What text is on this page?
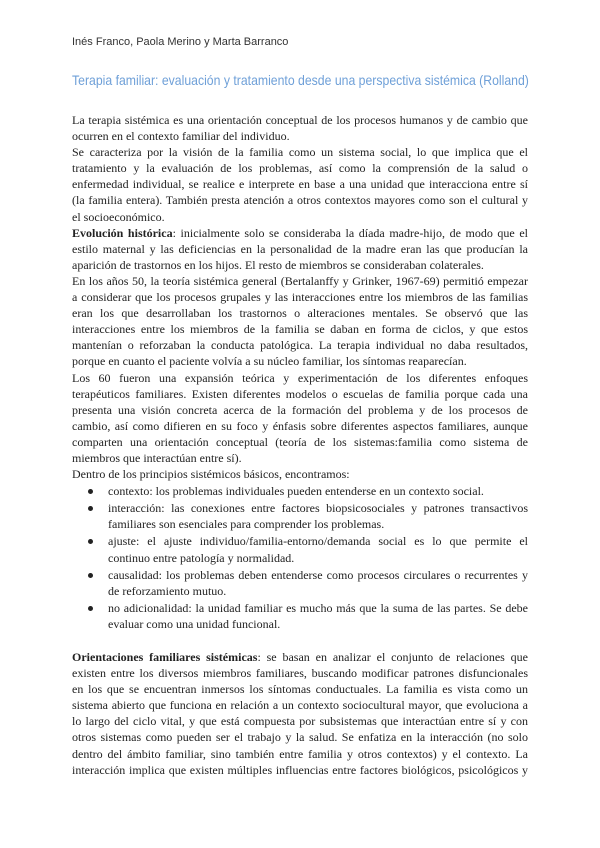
Inés Franco, Paola Merino y Marta Barranco
Terapia familiar: evaluación y tratamiento desde una perspectiva sistémica (Rolland)
La terapia sistémica es una orientación conceptual de los procesos humanos y de cambio que
ocurren en el contexto familiar del individuo.
Se caracteriza por la visión de la familia como un sistema social, lo que implica que el
tratamiento y la evaluación de los problemas, así como la comprensión de la salud o
enfermedad individual, se realice e interprete en base a una unidad que interacciona entre sí
(la familia entera). También presta atención a otros contextos mayores como son el cultural y
el socioeconómico.
Evolución histórica: inicialmente solo se consideraba la díada madre-hijo, de modo que el
estilo maternal y las deficiencias en la personalidad de la madre eran las que producían la
aparición de trastornos en los hijos. El resto de miembros se consideraban colaterales.
En los años 50, la teoría sistémica general (Bertalanffy y Grinker, 1967-69) permitió empezar
a considerar que los procesos grupales y las interacciones entre los miembros de las familias
eran los que desarrollaban los trastornos o alteraciones mentales. Se observó que las
interacciones entre los miembros de la familia se daban en forma de ciclos, y que estos
mantenían o reforzaban la conducta patológica. La terapia individual no daba resultados,
porque en cuanto el paciente volvía a su núcleo familiar, los síntomas reaparecían.
Los 60 fueron una expansión teórica y experimentación de los diferentes enfoques
terapéuticos familiares. Existen diferentes modelos o escuelas de familia porque cada una
presenta una visión concreta acerca de la formación del problema y de los procesos de
cambio, así como difieren en su foco y énfasis sobre diferentes aspectos familiares, aunque
comparten una orientación conceptual (teoría de los sistemas:familia como sistema de
miembros que interactúan entre sí).
Dentro de los principios sistémicos básicos, encontramos:
contexto: los problemas individuales pueden entenderse en un contexto social.
interacción: las conexiones entre factores biopsicosociales y patrones transactivos
familiares son esenciales para comprender los problemas.
ajuste: el ajuste individuo/familia-entorno/demanda social es lo que permite el
continuo entre patología y normalidad.
causalidad: los problemas deben entenderse como procesos circulares o recurrentes y
de reforzamiento mutuo.
no adicionalidad: la unidad familiar es mucho más que la suma de las partes. Se debe
evaluar como una unidad funcional.
Orientaciones familiares sistémicas: se basan en analizar el conjunto de relaciones que
existen entre los diversos miembros familiares, buscando modificar patrones disfuncionales
en los que se encuentran inmersos los síntomas conductuales. La familia es vista como un
sistema abierto que funciona en relación a un contexto sociocultural mayor, que evoluciona a
lo largo del ciclo vital, y que está compuesta por subsistemas que interactúan entre sí y con
otros sistemas como pueden ser el trabajo y la salud. Se enfatiza en la interacción (no solo
dentro del ámbito familiar, sino también entre familia y otros contextos) y el contexto. La
interacción implica que existen múltiples influencias entre factores biológicos, psicológicos y
